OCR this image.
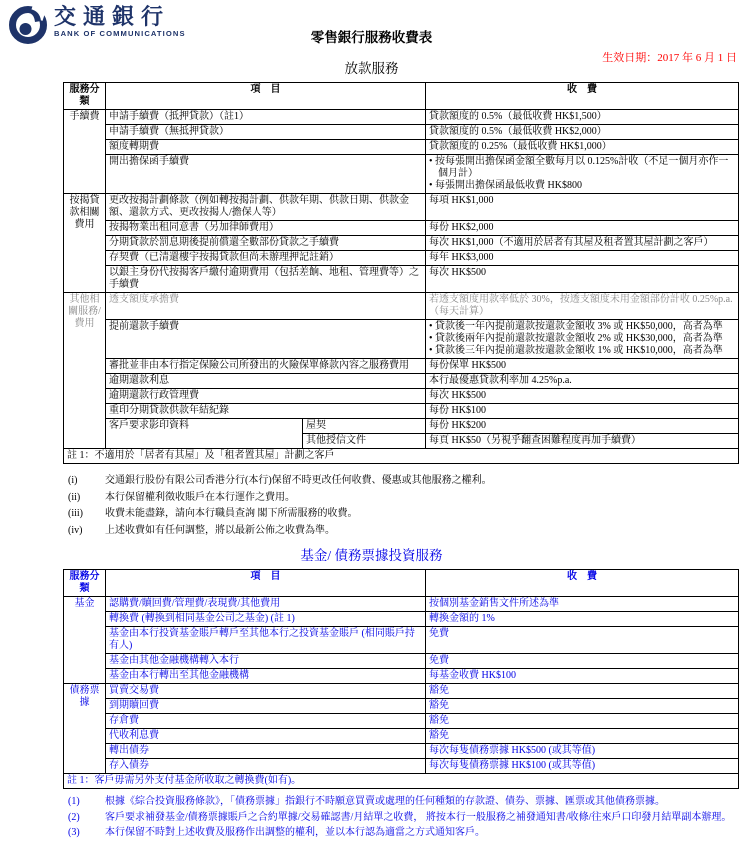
交通銀行
BANK OF COMMUNICATIONS	零售銀行服務收費表
生效日期：2017 年 6 月 1 日
放款服務
服務分類	項　目		收　費
手續費	申請手續費（抵押貸款）（註1）		貸款額度的 0.5%（最低收費 HK$1,500）
	申請手續費（無抵押貸款）		貸款額度的 0.5%（最低收費 HK$2,000）
	額度轉期費		貸款額度的 0.25%（最低收費 HK$1,000）
	開出擔保函手續費		• 按每張開出擔保函金額全數每月以 0.125%計收（不足一個月亦作一個月計）
• 每張開出擔保函最低收費 HK$800

按揭貸款相關費用	更改按揭計劃條款（例如轉按揭計劃、供款年期、供款日期、供款金額、還款方式、更改按揭人/擔保人等）		每項 HK$1,000
	按揭物業出租同意書（另加律師費用）		每份 HK$2,000
	分期貸款於罰息期後提前償還全數部份貸款之手續費		每次 HK$1,000（不適用於居者有其屋及租者置其屋計劃之客戶）
	存契費（已清還樓宇按揭貸款但尚未辦理押記註銷）		每年 HK$3,000
	以銀主身份代按揭客戶繳付逾期費用（包括差餉、地租、管理費等）之手續費		每次 HK$500
其他相關服務/費用	透支額度承擔費		若透支額度用款率低於 30%，按透支額度未用金額部份計收 0.25%p.a.（每天計算）
	提前還款手續費		• 貸款後一年內提前還款按還款金額收 3% 或 HK$50,000，高者為準
• 貸款後兩年內提前還款按還款金額收 2% 或 HK$30,000，高者為準
• 貸款後三年內提前還款按還款金額收 1% 或 HK$10,000，高者為準

	審批並非由本行指定保險公司所發出的火險保單條款內容之服務費用		每份保單 HK$500
	逾期還款利息		本行最優惠貸款利率加 4.25%p.a.
	逾期還款行政管理費		每次 HK$500
	重印分期貸款供款年結紀錄		每份 HK$100
	客戶要求影印資料	屋契	每份 HK$200
		其他授信文件	每頁 HK$50（另視乎翻查困難程度再加手續費）
註 1：不適用於「居者有其屋」及「租者置其屋」計劃之客戶			
(i)	交通銀行股份有限公司香港分行(本行)保留不時更改任何收費、優惠或其他服務之權利。
(ii)	本行保留權利徵收賬戶在本行運作之費用。
(iii)	收費未能盡錄，請向本行職員查詢 閣下所需服務的收費。
(iv)	上述收費如有任何調整，將以最新公佈之收費為準。
基金/ 債務票據投資服務
服務分類	項　目	收　費
基金	認購費/贖回費/管理費/表現費/其他費用	按個別基金銷售文件所述為準
	轉換費 (轉換到相同基金公司之基金) (註 1)	轉換金額的 1%
	基金由本行投資基金賬戶轉戶至其他本行之投資基金賬戶 (相同賬戶持有人)	免費
	基金由其他金融機構轉入本行	免費
	基金由本行轉出至其他金融機構	每基金收費 HK$100
債務票據	買賣交易費	豁免
	到期贖回費	豁免
	存倉費	豁免
	代收利息費	豁免
	轉出債券	每次每隻債務票據 HK$500 (或其等值)
	存入債券	每次每隻債務票據 HK$100 (或其等值)
註 1：客戶毋需另外支付基金所收取之轉換費(如有)。		
(1)	根據《綜合投資服務條款》，「債務票據」指銀行不時願意買賣或處理的任何種類的存款證、債券、票據、匯票或其他債務票據。
(2)	客戶要求補發基金/債務票據賬戶之合約單據/交易確認書/月結單之收費， 將按本行一般服務之補發通知書/收條/往來戶口印發月結單副本辦理。
(3)	本行保留不時對上述收費及服務作出調整的權利，並以本行認為適當之方式通知客戶。
